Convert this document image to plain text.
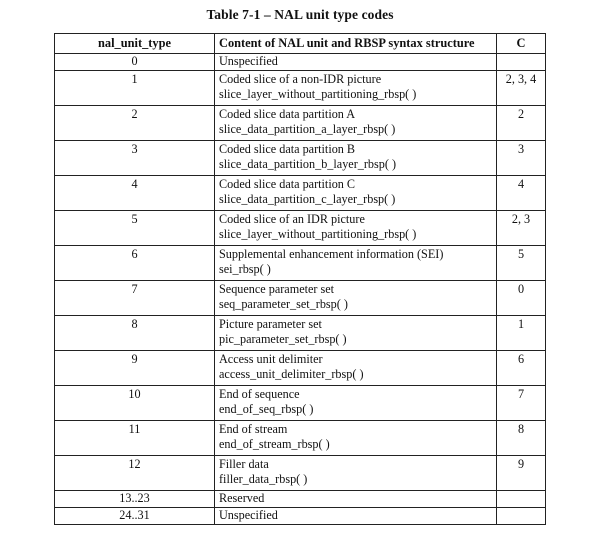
Table 7-1 – NAL unit type codes
nal_unit_type	Content of NAL unit and RBSP syntax structure	C
0	Unspecified	

1	Coded slice of a non-IDR picture
slice_layer_without_partitioning_rbsp( )	2, 3, 4
2	Coded slice data partition A
slice_data_partition_a_layer_rbsp( )	2
3	Coded slice data partition B
slice_data_partition_b_layer_rbsp( )	3
4	Coded slice data partition C
slice_data_partition_c_layer_rbsp( )	4
5	Coded slice of an IDR picture
slice_layer_without_partitioning_rbsp( )	2, 3
6	Supplemental enhancement information (SEI)
sei_rbsp( )	5
7	Sequence parameter set
seq_parameter_set_rbsp( )	0
8	Picture parameter set
pic_parameter_set_rbsp( )	1
9	Access unit delimiter
access_unit_delimiter_rbsp( )	6
10	End of sequence
end_of_seq_rbsp( )	7
11	End of stream
end_of_stream_rbsp( )	8
12	Filler data
filler_data_rbsp( )	9
13..23	Reserved	

24..31	Unspecified	
